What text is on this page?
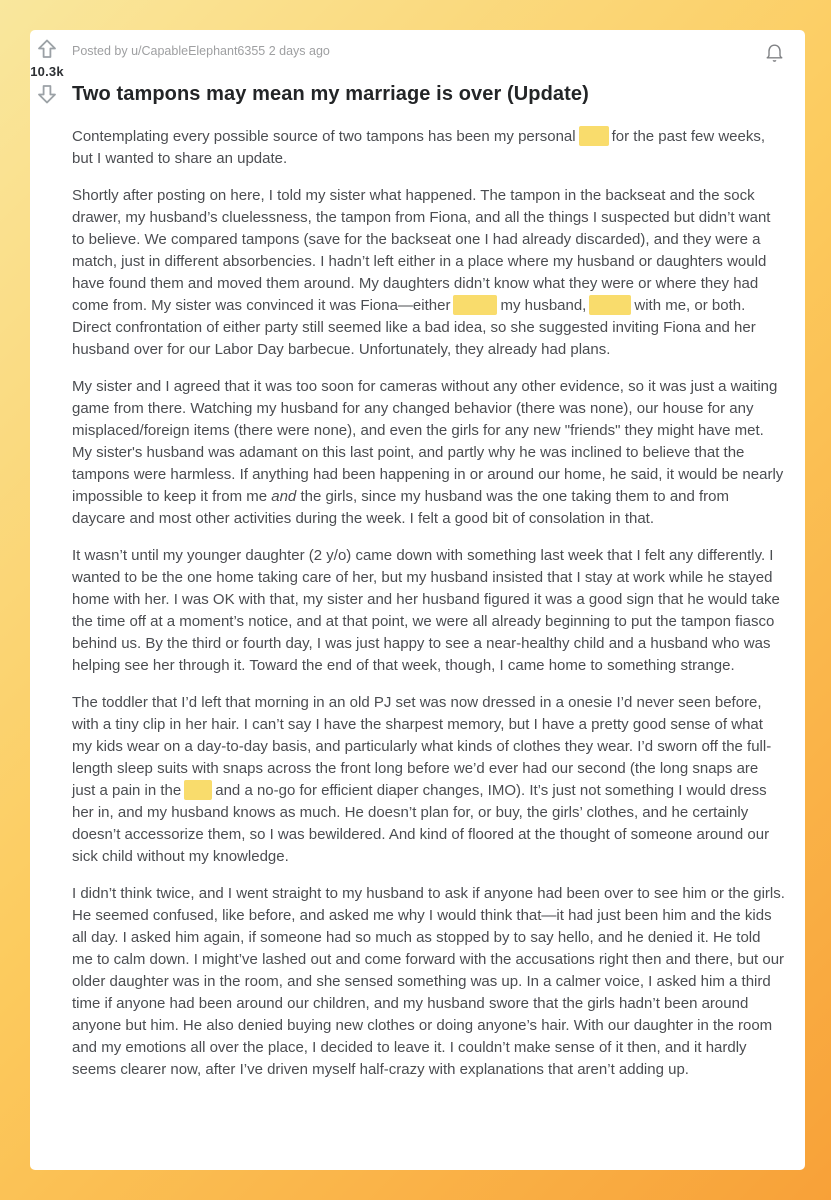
10.3k
Posted by u/CapableElephant6355 2 days ago
Two tampons may mean my marriage is over (Update)

Contemplating every possible source of two tampons has been my personal for the past few weeks, but I wanted to share an update.

Shortly after posting on here, I told my sister what happened. The tampon in the backseat and the sock drawer, my husband’s cluelessness, the tampon from Fiona, and all the things I suspected but didn’t want to believe. We compared tampons (save for the backseat one I had already discarded), and they were a match, just in different absorbencies. I hadn’t left either in a place where my husband or daughters would have found them and moved them around. My daughters didn’t know what they were or where they had come from. My sister was convinced it was Fiona—either	my husband,	with me, or both. Direct confrontation of either party still seemed like a bad idea, so she suggested inviting Fiona and her husband over for our Labor Day barbecue. Unfortunately, they already had plans.

My sister and I agreed that it was too soon for cameras without any other evidence, so it was just a waiting game from there. Watching my husband for any changed behavior (there was none), our house for any misplaced/foreign items (there were none), and even the girls for any new "friends" they might have met. My sister's husband was adamant on this last point, and partly why he was inclined to believe that the tampons were harmless. If anything had been happening in or around our home, he said, it would be nearly impossible to keep it from me and the girls, since my husband was the one taking them to and from daycare and most other activities during the week. I felt a good bit of consolation in that.

It wasn’t until my younger daughter (2 y/o) came down with something last week that I felt any differently. I wanted to be the one home taking care of her, but my husband insisted that I stay at work while he stayed home with her. I was OK with that, my sister and her husband figured it was a good sign that he would take the time off at a moment’s notice, and at that point, we were all already beginning to put the tampon fiasco behind us. By the third or fourth day, I was just happy to see a near-healthy child and a husband who was helping see her through it. Toward the end of that week, though, I came home to something strange.

The toddler that I’d left that morning in an old PJ set was now dressed in a onesie I’d never seen before, with a tiny clip in her hair. I can’t say I have the sharpest memory, but I have a pretty good sense of what my kids wear on a day-to-day basis, and particularly what kinds of clothes they wear. I’d sworn off the full-length sleep suits with snaps across the front long before we’d ever had our second (the long snaps are just a pain in the and a no-go for efficient diaper changes, IMO). It’s just not something I would dress her in, and my husband knows as much. He doesn’t plan for, or buy, the girls’ clothes, and he certainly doesn’t accessorize them, so I was bewildered. And kind of floored at the thought of someone around our sick child without my knowledge.

I didn’t think twice, and I went straight to my husband to ask if anyone had been over to see him or the girls. He seemed confused, like before, and asked me why I would think that—it had just been him and the kids all day. I asked him again, if someone had so much as stopped by to say hello, and he denied it. He told me to calm down. I might’ve lashed out and come forward with the accusations right then and there, but our older daughter was in the room, and she sensed something was up. In a calmer voice, I asked him a third time if anyone had been around our children, and my husband swore that the girls hadn’t been around anyone but him. He also denied buying new clothes or doing anyone’s hair. With our daughter in the room and my emotions all over the place, I decided to leave it. I couldn’t make sense of it then, and it hardly seems clearer now, after I’ve driven myself half-crazy with explanations that aren’t adding up.
